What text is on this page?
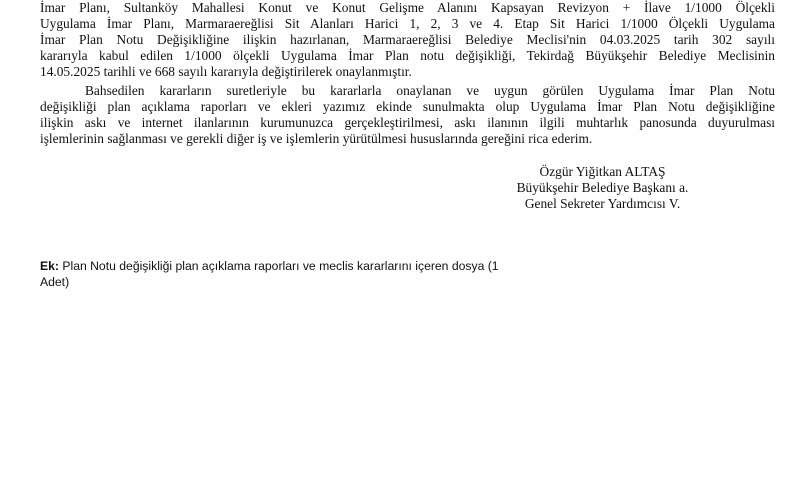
İmar Planı, Sultanköy Mahallesi Konut ve Konut Gelişme Alanını Kapsayan Revizyon + İlave 1/1000 Ölçekli
Uygulama İmar Planı, Marmaraereğlisi Sit Alanları Harici 1, 2, 3 ve 4. Etap Sit Harici 1/1000 Ölçekli Uygulama
İmar Plan Notu Değişikliğine ilişkin hazırlanan, Marmaraereğlisi Belediye Meclisi'nin 04.03.2025 tarih 302 sayılı
kararıyla kabul edilen 1/1000 ölçekli Uygulama İmar Plan notu değişikliği, Tekirdağ Büyükşehir Belediye Meclisinin
14.05.2025 tarihli ve 668 sayılı kararıyla değiştirilerek onaylanmıştır.
Bahsedilen kararların suretleriyle bu kararlarla onaylanan ve uygun görülen Uygulama İmar Plan Notu
değişikliği plan açıklama raporları ve ekleri yazımız ekinde sunulmakta olup Uygulama İmar Plan Notu değişikliğine
ilişkin askı ve internet ilanlarının kurumunuzca gerçekleştirilmesi, askı ilanının ilgili muhtarlık panosunda duyurulması
işlemlerinin sağlanması ve gerekli diğer iş ve işlemlerin yürütülmesi hususlarında gereğini rica ederim.
Özgür Yiğitkan ALTAŞ
Büyükşehir Belediye Başkanı a.
Genel Sekreter Yardımcısı V.
Ek: Plan Notu değişikliği plan açıklama raporları ve meclis kararlarını içeren dosya (1
Adet)
